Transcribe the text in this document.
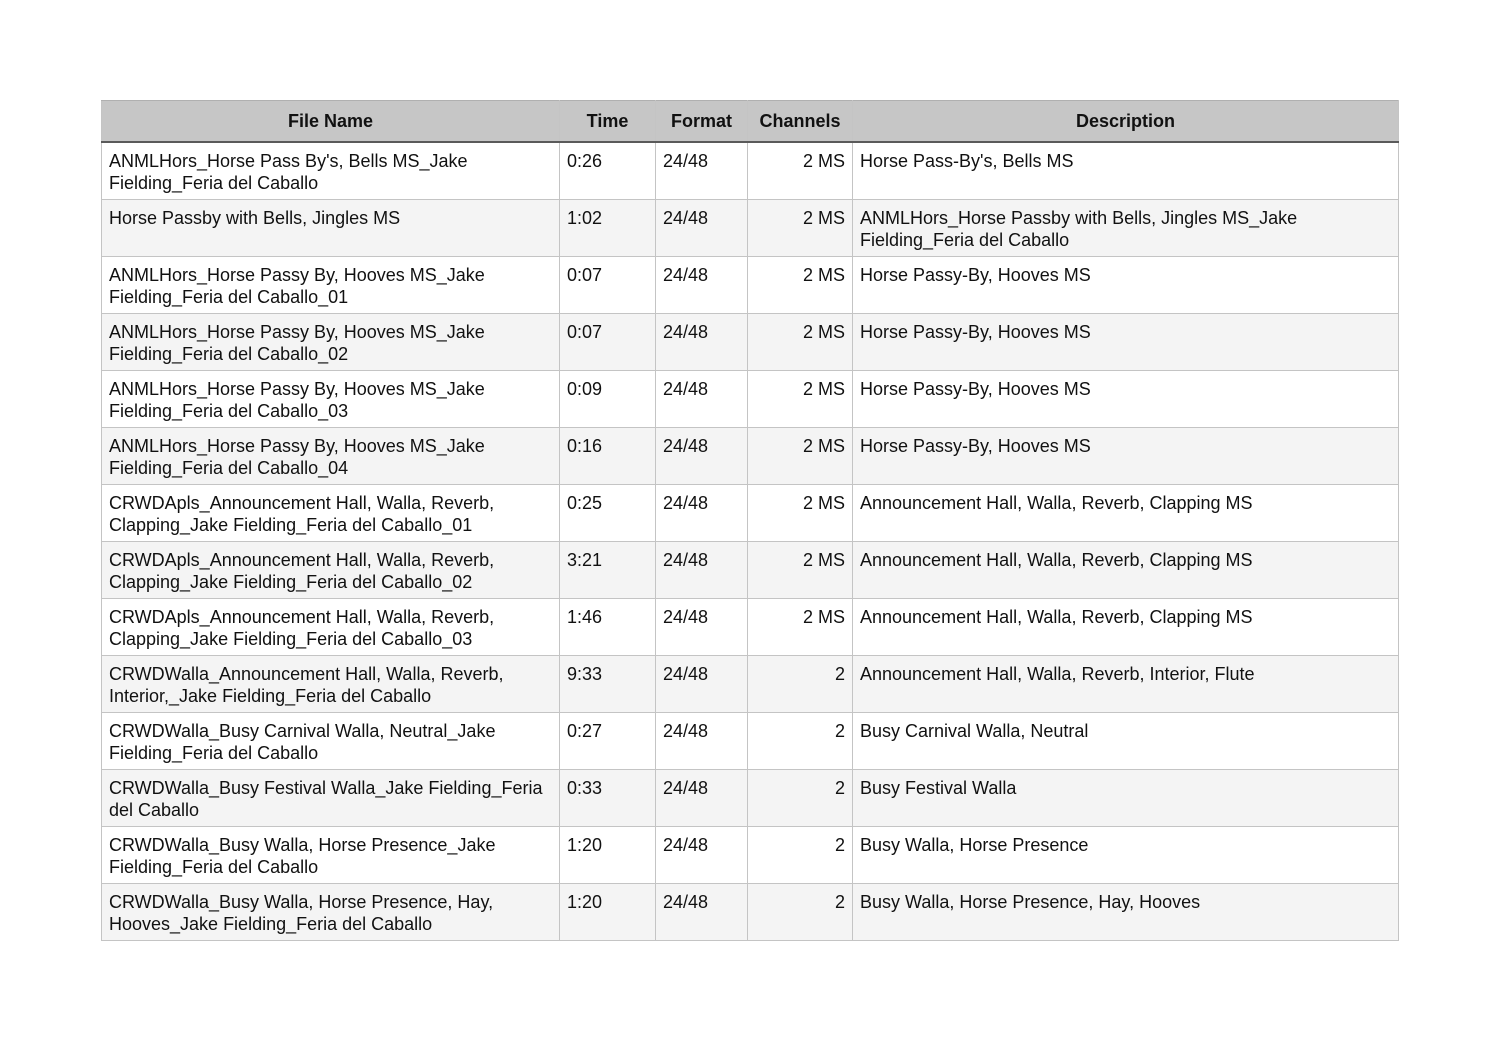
File Name	Time	Format	Channels	Description
ANMLHors_Horse Pass By's, Bells MS_Jake Fielding_Feria del Caballo	0:26	24/48	2 MS	Horse Pass-By's, Bells MS
Horse Passby with Bells, Jingles MS	1:02	24/48	2 MS	ANMLHors_Horse Passby with Bells, Jingles MS_Jake Fielding_Feria del Caballo
ANMLHors_Horse Passy By, Hooves MS_Jake Fielding_Feria del Caballo_01	0:07	24/48	2 MS	Horse Passy-By, Hooves MS
ANMLHors_Horse Passy By, Hooves MS_Jake Fielding_Feria del Caballo_02	0:07	24/48	2 MS	Horse Passy-By, Hooves MS
ANMLHors_Horse Passy By, Hooves MS_Jake Fielding_Feria del Caballo_03	0:09	24/48	2 MS	Horse Passy-By, Hooves MS
ANMLHors_Horse Passy By, Hooves MS_Jake Fielding_Feria del Caballo_04	0:16	24/48	2 MS	Horse Passy-By, Hooves MS
CRWDApls_Announcement Hall, Walla, Reverb, Clapping_Jake Fielding_Feria del Caballo_01	0:25	24/48	2 MS	Announcement Hall, Walla, Reverb, Clapping MS
CRWDApls_Announcement Hall, Walla, Reverb, Clapping_Jake Fielding_Feria del Caballo_02	3:21	24/48	2 MS	Announcement Hall, Walla, Reverb, Clapping MS
CRWDApls_Announcement Hall, Walla, Reverb, Clapping_Jake Fielding_Feria del Caballo_03	1:46	24/48	2 MS	Announcement Hall, Walla, Reverb, Clapping MS
CRWDWalla_Announcement Hall, Walla, Reverb, Interior,_Jake Fielding_Feria del Caballo	9:33	24/48	2	Announcement Hall, Walla, Reverb, Interior, Flute
CRWDWalla_Busy Carnival Walla, Neutral_Jake Fielding_Feria del Caballo	0:27	24/48	2	Busy Carnival Walla, Neutral
CRWDWalla_Busy Festival Walla_Jake Fielding_Feria del Caballo	0:33	24/48	2	Busy Festival Walla
CRWDWalla_Busy Walla, Horse Presence_Jake Fielding_Feria del Caballo	1:20	24/48	2	Busy Walla, Horse Presence
CRWDWalla_Busy Walla, Horse Presence, Hay, Hooves_Jake Fielding_Feria del Caballo	1:20	24/48	2	Busy Walla, Horse Presence, Hay, Hooves
